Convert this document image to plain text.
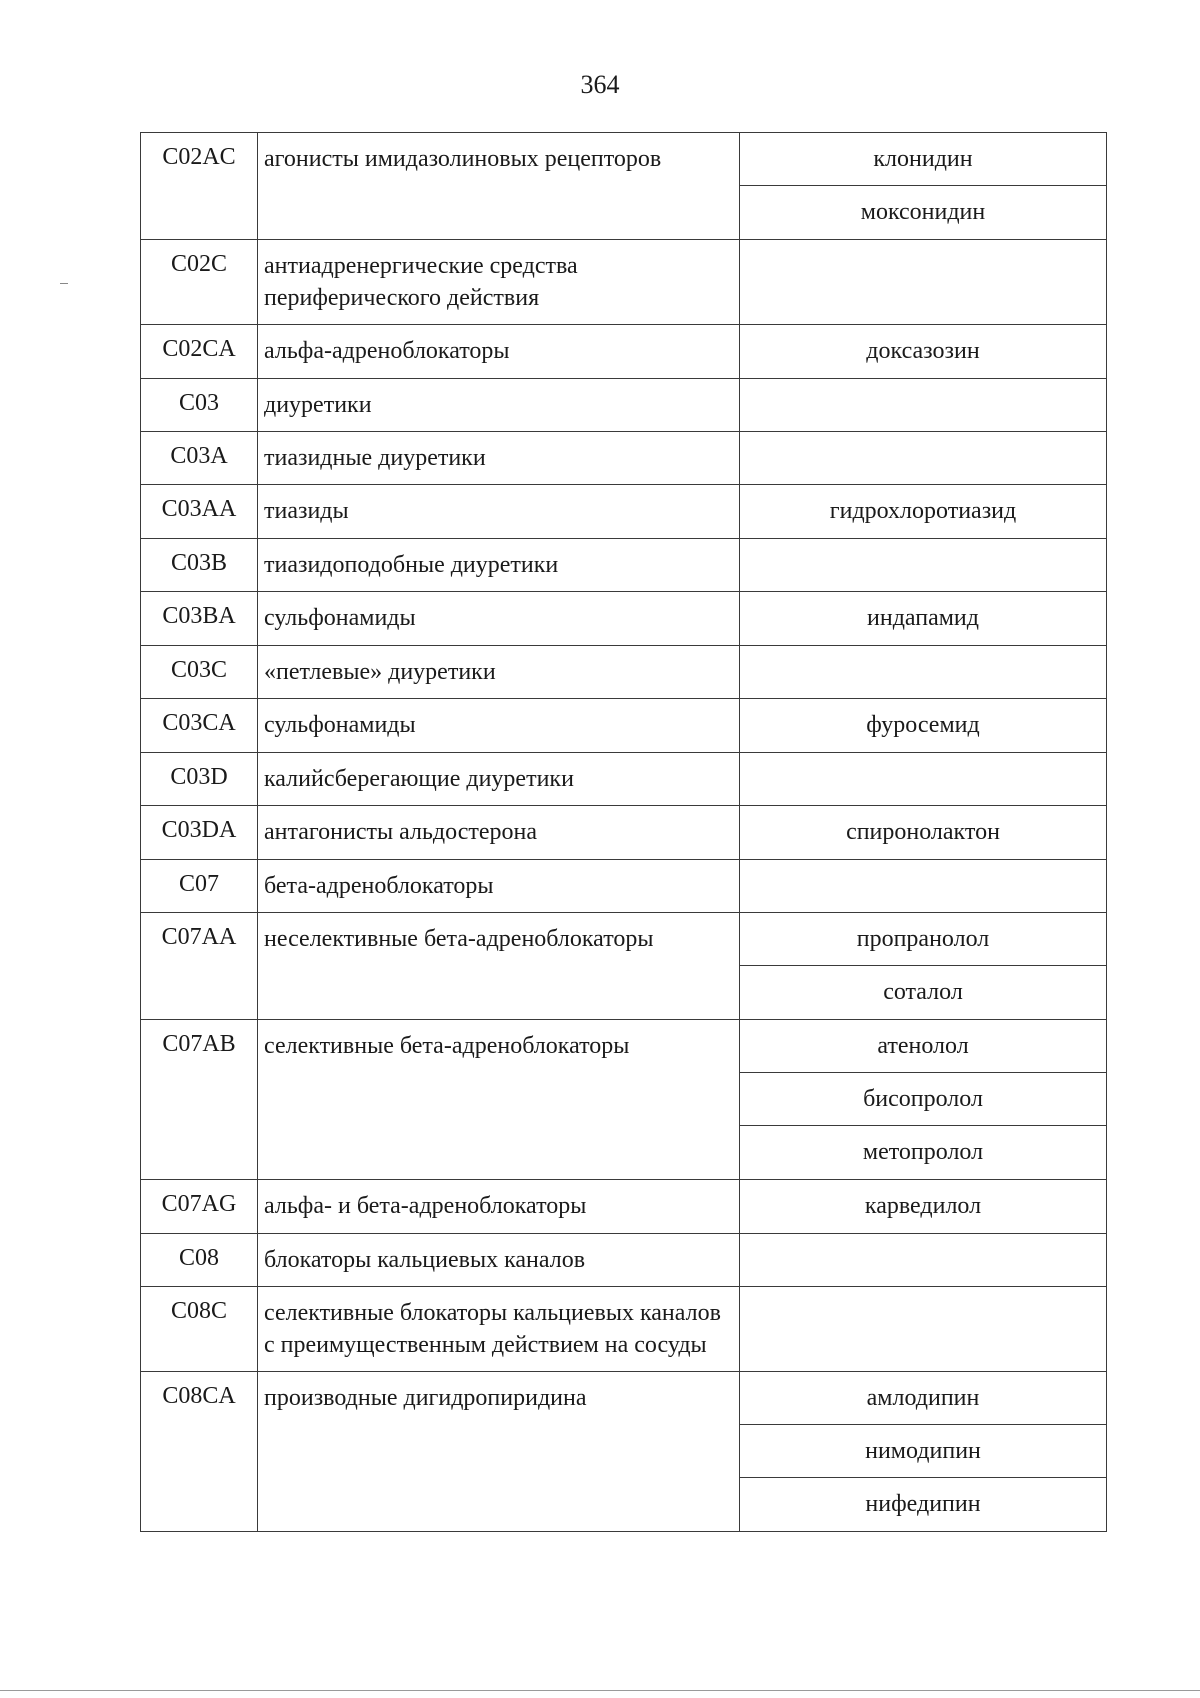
364
C02AC	агонисты имидазолиновых рецепторов	клонидин
моксонидин

C02C	антиадренергические средства периферического действия	
C02CA	альфа-адреноблокаторы	доксазозин

C03	диуретики	
C03A	тиазидные диуретики	
C03AA	тиазиды	гидрохлоротиазид

C03B	тиазидоподобные диуретики	
C03BA	сульфонамиды	индапамид

C03C	«петлевые» диуретики	
C03CA	сульфонамиды	фуросемид

C03D	калийсберегающие диуретики	
C03DA	антагонисты альдостерона	спиронолактон

C07	бета-адреноблокаторы	
C07AA	неселективные бета-адреноблокаторы	пропранолол
соталол

C07AB	селективные бета-адреноблокаторы	атенолол
бисопролол
метопролол

C07AG	альфа- и бета-адреноблокаторы	карведилол

C08	блокаторы кальциевых каналов	
C08C	селективные блокаторы кальциевых каналов с преимущественным действием на сосуды	
C08CA	производные дигидропиридина	амлодипин
нимодипин
нифедипин
